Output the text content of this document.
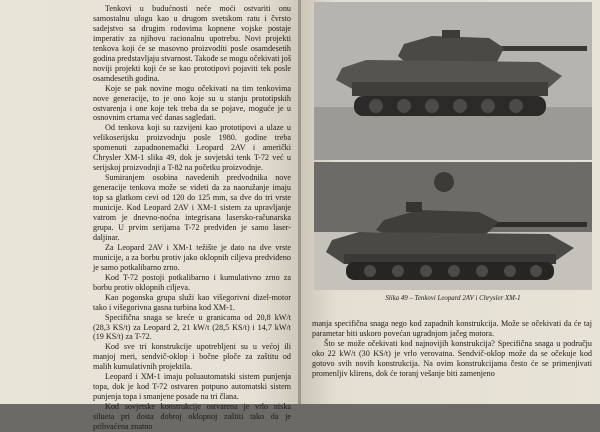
Tenkovi u budućnosti neće moći ostvariti onu samostalnu ulogu kao u drugom svetskom ratu i čvrsto sadejstvo sa drugim rodovima kopnene vojske postaje imperativ za njihovu racionalnu upotrebu. Novi projekti tenkova koji će se masovno proizvoditi posle osamdesetih godina predstavljaju stvarnost. Takođe se mogu očekivati još noviji projekti koji će se kao prototipovi pojaviti tek posle osamdesetih godina.

Koje se pak novine mogu očekivati na tim tenkovima nove generacije, to je ono koje su u stanju prototipskih ostvarenja i one koje tek treba da se pojave, moguće je u osnovnim crtama već danas sagledati.

Od tenkova koji su razvijeni kao prototipovi a ulaze u velikoserijsku proizvodnju posle 1980. godine treba spomenuti zapadnonemački Leopard 2AV i američki Chrysler XM-1 slika 49, dok je sovjetski tenk T-72 već u serijskoj proizvodnji a T-82 na početku proizvodnje.

Sumiranjem osobina navedenih predvodnika nove generacije tenkova može se videti da za naoružanje imaju top sa glatkom cevi od 120 do 125 mm, sa dve do tri vrste municije. Kod Leopard 2AV i XM-1 sistem za upravljanje vatrom je dnevno-noćna integrisana lasersko-računarska grupa. U prvim serijama T-72 predviđen je samo laser-daljinar.

Za Leopard 2AV i XM-1 težište je dato na dve vrste municije, a za borbu protiv jako oklopnih ciljeva predviđeno je samo potkalibarno zrno.

Kod T-72 postoji potkalibarno i kumulativno zrno za borbu protiv oklopnih ciljeva.

Kao pogonska grupa služi kao višegorivni dizel-motor tako i višegorivna gasna turbina kod XM-1.

Specifična snaga se kreće u granicama od 20,8 kW/t (28,3 KS/t) za Leopard 2, 21 kW/t (28,5 KS/t) i 14,7 kW/t (19 KS/t) za T-72.

Kod sve tri konstrukcije upotrebljeni su u većoj ili manjoj meri, sendvič-oklop i bočne ploče za zaštitu od malih kumulativnih projektila.

Leopard i XM-1 imaju poluautomatski sistem punjenja topa, dok je kod T-72 ostvaren potpuno automatski sistem punjenja topa i smanjene posade na tri člana.

Kod sovjetske konstrukcije ostvarena je vrlo niska silueta pri dosta dobroj oklopnoj zaštiti tako da je prihvaćena znatno

Slika 49 – Tenkovi Leopard 2AV i Chrysler XM-1

manja specifična snaga nego kod zapadnih konstrukcija. Može se očekivati da će taj parametar biti uskoro povećan ugradnjom jačeg motora.

Što se može očekivati kod najnovijih konstrukcija? Specifična snaga u području oko 22 kW/t (30 KS/t) je vrlo verovatna. Sendvič-oklop može da se očekuje kod gotovo svih novih konstrukcija. Na ovim konstrukcijama često će se primenjivati promenljiv klirens, dok će toranj vešanje biti zamenjeno
